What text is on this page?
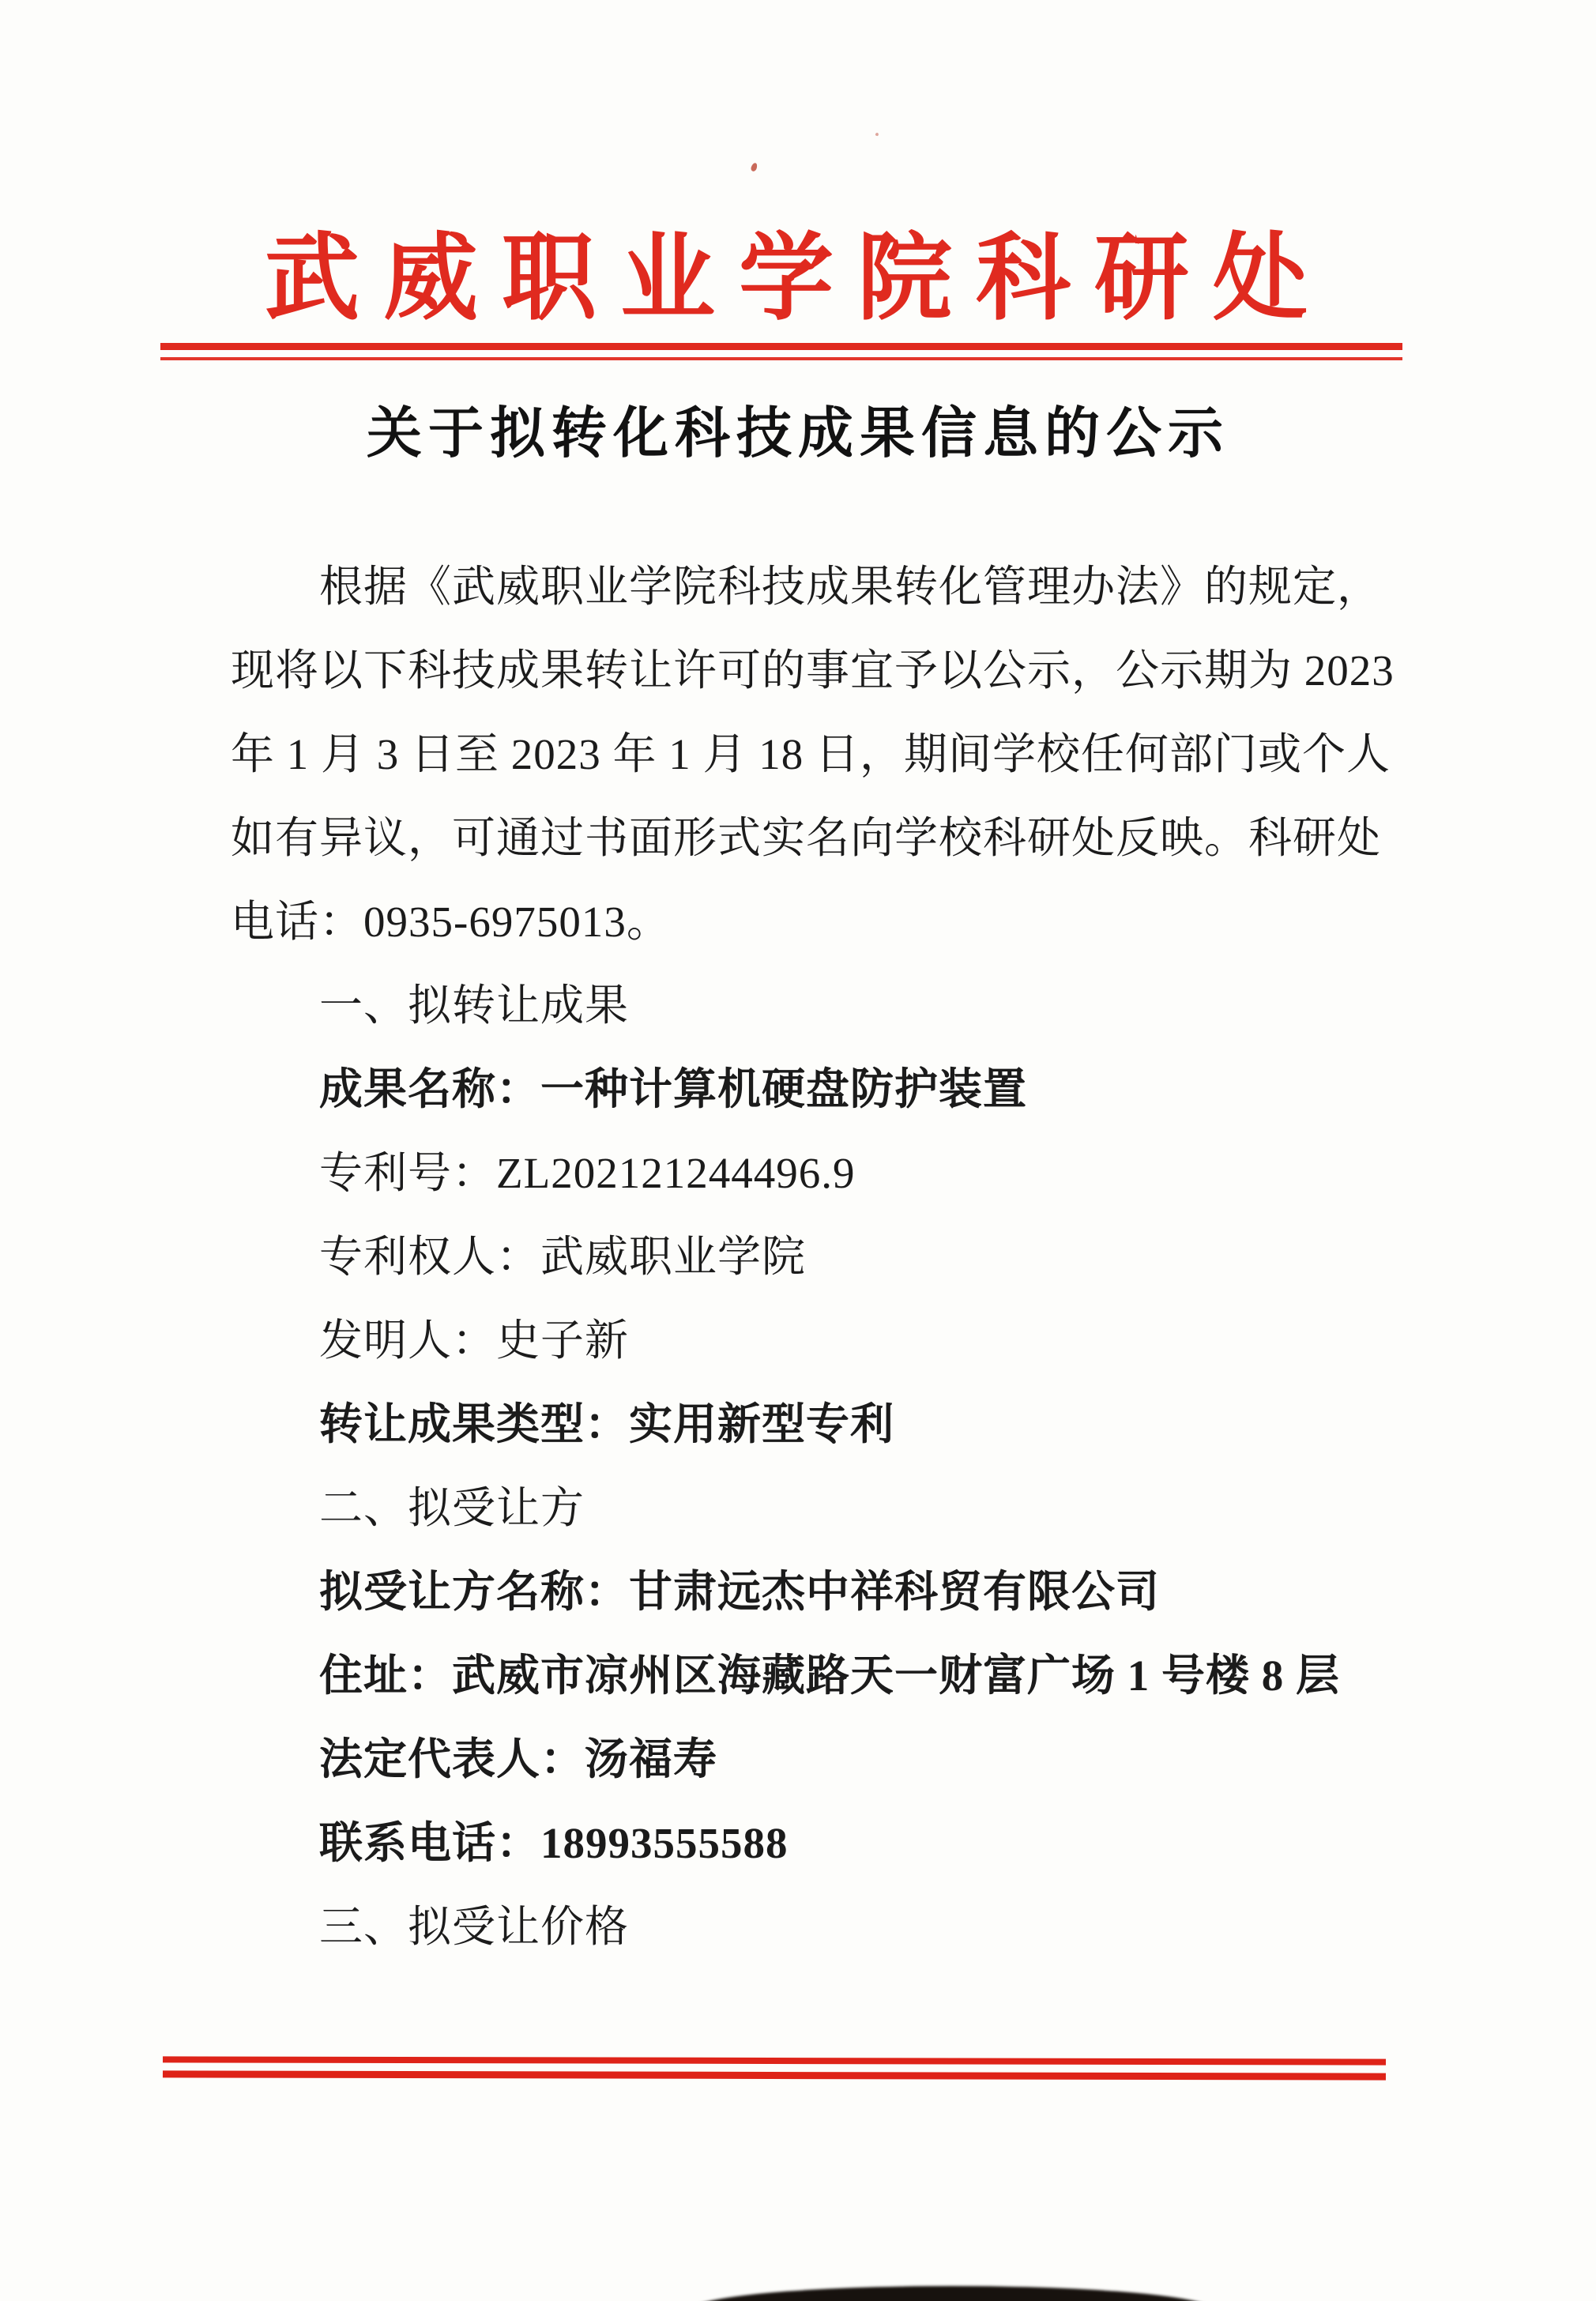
武威职业学院科研处
关于拟转化科技成果信息的公示
根据《武威职业学院科技成果转化管理办法》的规定，
现将以下科技成果转让许可的事宜予以公示，公示期为 2023
年 1 月 3 日至 2023 年 1 月 18 日，期间学校任何部门或个人
如有异议，可通过书面形式实名向学校科研处反映。科研处
电话：0935-6975013。
一、拟转让成果
成果名称：一种计算机硬盘防护装置
专利号：ZL202121244496.9
专利权人：武威职业学院
发明人：史子新
转让成果类型：实用新型专利
二、拟受让方
拟受让方名称：甘肃远杰中祥科贸有限公司
住址：武威市凉州区海藏路天一财富广场 1 号楼 8 层
法定代表人：汤福寿
联系电话：18993555588
三、拟受让价格
